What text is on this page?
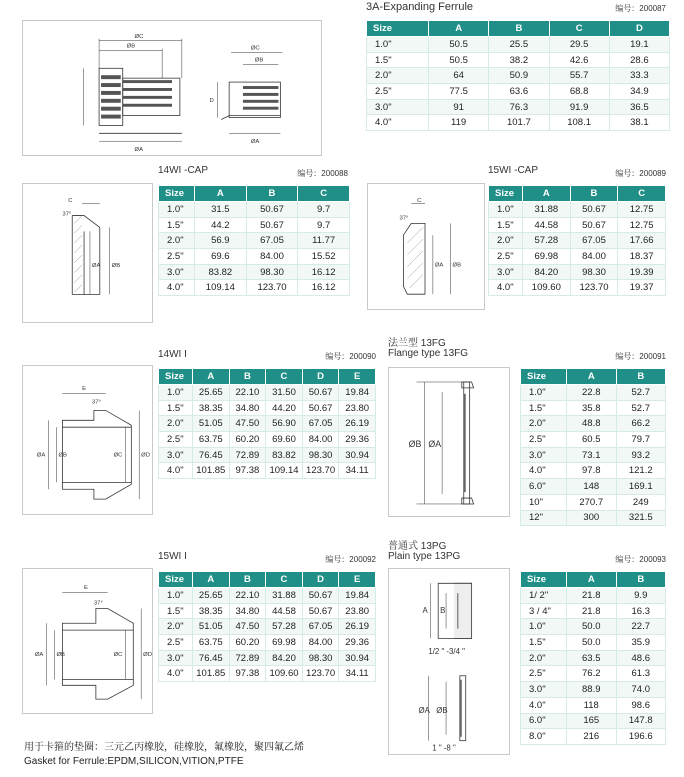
ØC
ØB
ØA
ØC
ØB
D
ØA
3A-Expanding Ferrule	编号：200087
Size	A	B	C	D
1.0"	50.5	25.5	29.5	19.1
1.5"	50.5	38.2	42.6	28.6
2.0"	64	50.9	55.7	33.3
2.5"	77.5	63.6	68.8	34.9
3.0"	91	76.3	91.9	36.5
4.0"	119	101.7	108.1	38.1
C
37°
ØA ØB
14WI -CAP	编号：200088
Size	A	B	C
1.0"	31.5	50.67	9.7
1.5"	44.2	50.67	9.7
2.0"	56.9	67.05	11.77
2.5"	69.6	84.00	15.52
3.0"	83.82	98.30	16.12
4.0"	109.14	123.70	16.12
C
37°
ØA ØB
15WI -CAP	编号：200089
Size	A	B	C
1.0"	31.88	50.67	12.75
1.5"	44.58	50.67	12.75
2.0"	57.28	67.05	17.66
2.5"	69.98	84.00	18.37
3.0"	84.20	98.30	19.39
4.0"	109.60	123.70	19.37
E
37°
ØA ØB	ØC	ØD
14WI I	编号：200090
Size	A	B	C	D	E
1.0"	25.65	22.10	31.50	50.67	19.84
1.5"	38.35	34.80	44.20	50.67	23.80
2.0"	51.05	47.50	56.90	67.05	26.19
2.5"	63.75	60.20	69.60	84.00	29.36
3.0"	76.45	72.89	83.82	98.30	30.94
4.0"	101.85	97.38	109.14	123.70	34.11
法兰型 13FG
Flange type 13FG	编号：200091
ØB ØA
Size	A	B
1.0"	22.8	52.7
1.5"	35.8	52.7
2.0"	48.8	66.2
2.5"	60.5	79.7
3.0"	73.1	93.2
4.0"	97.8	121.2
6.0"	148	169.1
10"	270.7	249
12"	300	321.5
E
37°
ØA ØB	ØC	ØD
15WI I	编号：200092
Size	A	B	C	D	E
1.0"	25.65	22.10	31.88	50.67	19.84
1.5"	38.35	34.80	44.58	50.67	23.80
2.0"	51.05	47.50	57.28	67.05	26.19
2.5"	63.75	60.20	69.98	84.00	29.36
3.0"	76.45	72.89	84.20	98.30	30.94
4.0"	101.85	97.38	109.60	123.70	34.11
普通式 13PG
Plain type 13PG	编号：200093
A B
1/2 " -3/4 "
ØA ØB
1 " -8 "
Size	A	B
1/ 2"	21.8	9.9
3 / 4"	21.8	16.3
1.0"	50.0	22.7
1.5"	50.0	35.9
2.0"	63.5	48.6
2.5"	76.2	61.3
3.0"	88.9	74.0
4.0"	118	98.6
6.0"	165	147.8
8.0"	216	196.6
用于卡箍的垫圈：三元乙丙橡胶，硅橡胶，氟橡胶，聚四氟乙烯
Gasket for Ferrule:EPDM,SILICON,VITION,PTFE
